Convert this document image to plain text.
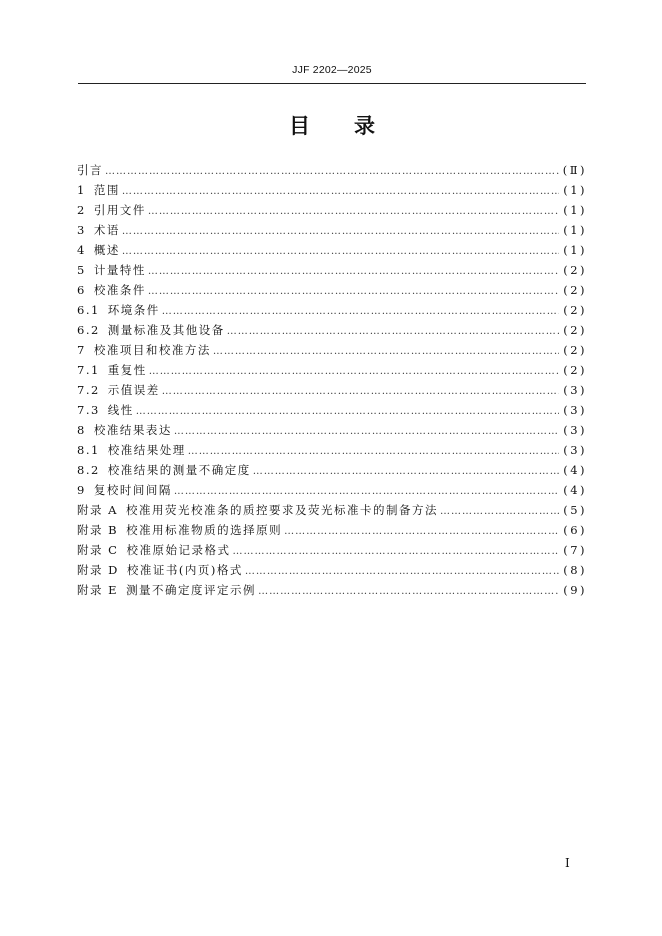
JJF 2202—2025
目 录
引言 ……………………………………………………………………………………………………………………………………………………………………………………………………………………………………	(Ⅱ)
1 范围 ……………………………………………………………………………………………………………………………………………………………………………………………………………………………………	(1)
2 引用文件 ……………………………………………………………………………………………………………………………………………………………………………………………………………………………………	(1)
3 术语 ……………………………………………………………………………………………………………………………………………………………………………………………………………………………………	(1)
4 概述 ……………………………………………………………………………………………………………………………………………………………………………………………………………………………………	(1)
5 计量特性 ……………………………………………………………………………………………………………………………………………………………………………………………………………………………………	(2)
6 校准条件 ……………………………………………………………………………………………………………………………………………………………………………………………………………………………………	(2)
6.1 环境条件 ……………………………………………………………………………………………………………………………………………………………………………………………………………………………………	(2)
6.2 测量标准及其他设备 ……………………………………………………………………………………………………………………………………………………………………………………………………………………………………	(2)
7 校准项目和校准方法 ……………………………………………………………………………………………………………………………………………………………………………………………………………………………………	(2)
7.1 重复性 ……………………………………………………………………………………………………………………………………………………………………………………………………………………………………	(2)
7.2 示值误差 ……………………………………………………………………………………………………………………………………………………………………………………………………………………………………	(3)
7.3 线性 ……………………………………………………………………………………………………………………………………………………………………………………………………………………………………	(3)
8 校准结果表达 ……………………………………………………………………………………………………………………………………………………………………………………………………………………………………	(3)
8.1 校准结果处理 ……………………………………………………………………………………………………………………………………………………………………………………………………………………………………	(3)
8.2 校准结果的测量不确定度 ……………………………………………………………………………………………………………………………………………………………………………………………………………………………………	(4)
9 复校时间间隔 ……………………………………………………………………………………………………………………………………………………………………………………………………………………………………	(4)
附录 A 校准用荧光校准条的质控要求及荧光标准卡的制备方法 ……………………………………………………………………………………………………………………………………………………………………………………………………………………………………	(5)
附录 B 校准用标准物质的选择原则 ……………………………………………………………………………………………………………………………………………………………………………………………………………………………………	(6)
附录 C 校准原始记录格式 ……………………………………………………………………………………………………………………………………………………………………………………………………………………………………	(7)
附录 D 校准证书(内页)格式 ……………………………………………………………………………………………………………………………………………………………………………………………………………………………………	(8)
附录 E 测量不确定度评定示例 ……………………………………………………………………………………………………………………………………………………………………………………………………………………………………	(9)
Ⅰ
